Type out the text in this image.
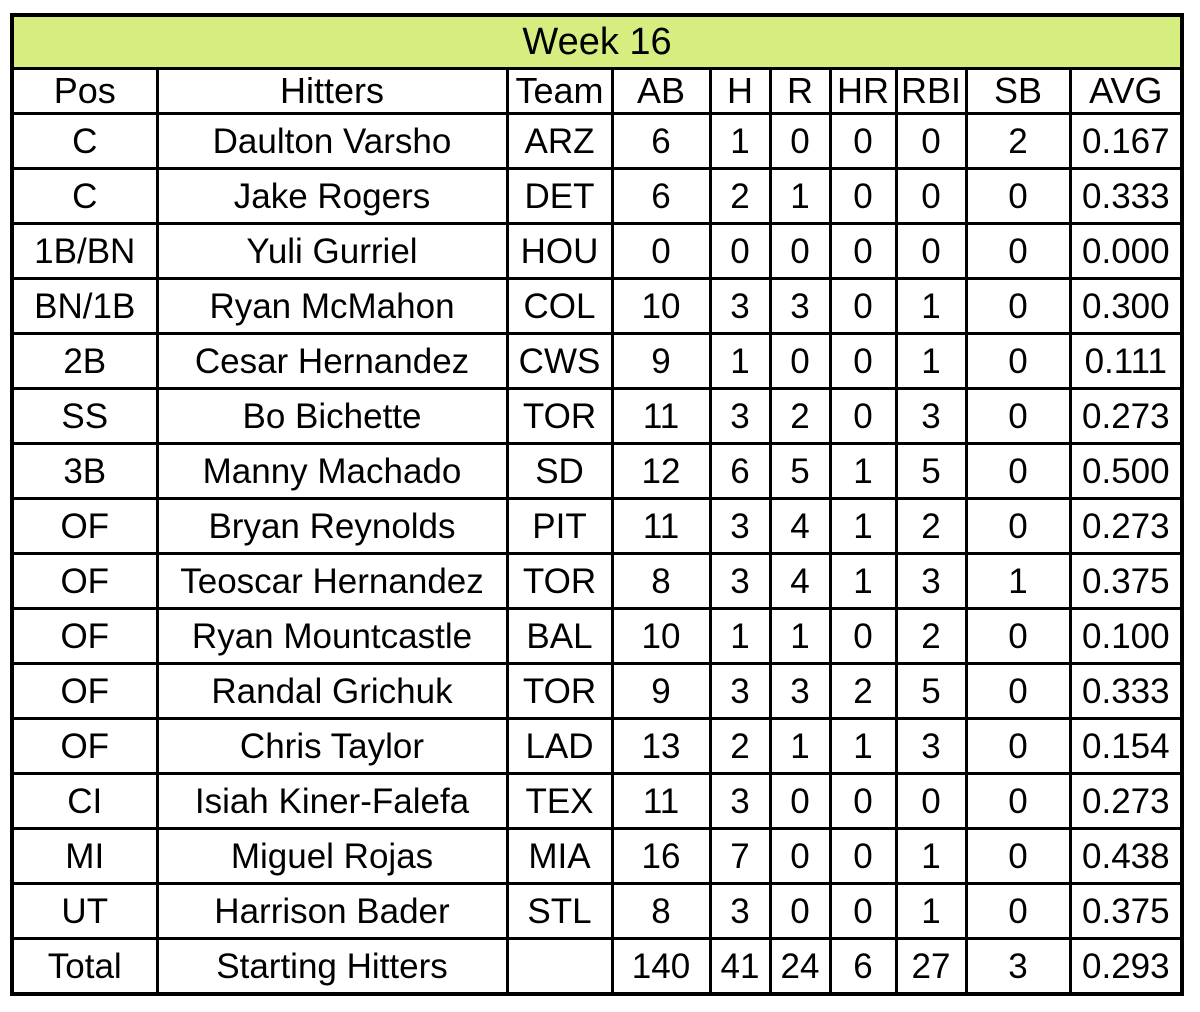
Week 16									
Pos	Hitters	Team	AB	H	R	HR	RBI	SB	AVG
C	Daulton Varsho	ARZ	6	1	0	0	0	2	0.167
C	Jake Rogers	DET	6	2	1	0	0	0	0.333
1B/BN	Yuli Gurriel	HOU	0	0	0	0	0	0	0.000
BN/1B	Ryan McMahon	COL	10	3	3	0	1	0	0.300
2B	Cesar Hernandez	CWS	9	1	0	0	1	0	0.111
SS	Bo Bichette	TOR	11	3	2	0	3	0	0.273
3B	Manny Machado	SD	12	6	5	1	5	0	0.500
OF	Bryan Reynolds	PIT	11	3	4	1	2	0	0.273
OF	Teoscar Hernandez	TOR	8	3	4	1	3	1	0.375
OF	Ryan Mountcastle	BAL	10	1	1	0	2	0	0.100
OF	Randal Grichuk	TOR	9	3	3	2	5	0	0.333
OF	Chris Taylor	LAD	13	2	1	1	3	0	0.154
CI	Isiah Kiner-Falefa	TEX	11	3	0	0	0	0	0.273
MI	Miguel Rojas	MIA	16	7	0	0	1	0	0.438
UT	Harrison Bader	STL	8	3	0	0	1	0	0.375
Total	Starting Hitters		140	41	24	6	27	3	0.293
